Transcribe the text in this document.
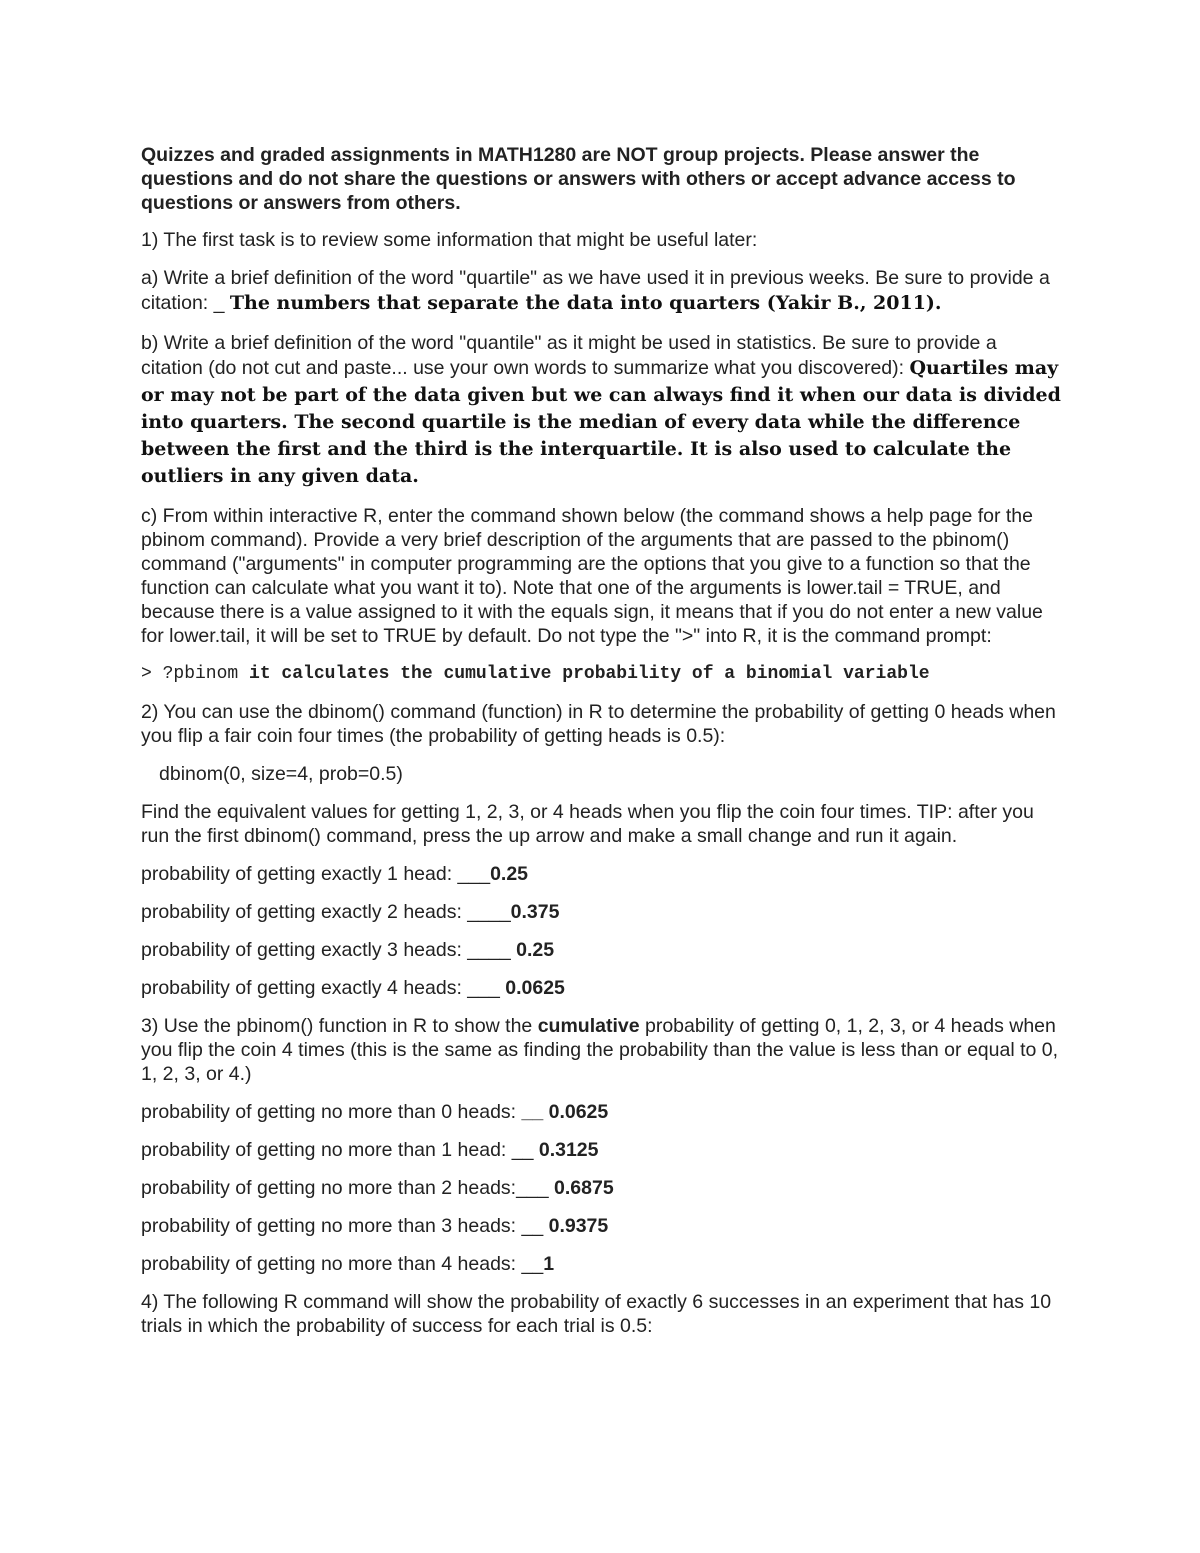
Quizzes and graded assignments in MATH1280 are NOT group projects. Please answer the questions and do not share the questions or answers with others or accept advance access to questions or answers from others.

1) The first task is to review some information that might be useful later:

a) Write a brief definition of the word "quartile" as we have used it in previous weeks. Be sure to provide a citation: _ The numbers that separate the data into quarters (Yakir B., 2011).

b) Write a brief definition of the word "quantile" as it might be used in statistics. Be sure to provide a citation (do not cut and paste... use your own words to summarize what you discovered): Quartiles may or may not be part of the data given but we can always find it when our data is divided into quarters. The second quartile is the median of every data while the difference between the first and the third is the interquartile. It is also used to calculate the outliers in any given data.

c) From within interactive R, enter the command shown below (the command shows a help page for the pbinom command). Provide a very brief description of the arguments that are passed to the pbinom() command ("arguments" in computer programming are the options that you give to a function so that the function can calculate what you want it to). Note that one of the arguments is lower.tail = TRUE, and because there is a value assigned to it with the equals sign, it means that if you do not enter a new value for lower.tail, it will be set to TRUE by default. Do not type the ">" into R, it is the command prompt:

> ?pbinom it calculates the cumulative probability of a binomial variable

2) You can use the dbinom() command (function) in R to determine the probability of getting 0 heads when you flip a fair coin four times (the probability of getting heads is 0.5):

dbinom(0, size=4, prob=0.5)

Find the equivalent values for getting 1, 2, 3, or 4 heads when you flip the coin four times. TIP: after you run the first dbinom() command, press the up arrow and make a small change and run it again.

probability of getting exactly 1 head: ___0.25

probability of getting exactly 2 heads: ____0.375

probability of getting exactly 3 heads: ____ 0.25

probability of getting exactly 4 heads: ___ 0.0625

3) Use the pbinom() function in R to show the cumulative probability of getting 0, 1, 2, 3, or 4 heads when you flip the coin 4 times (this is the same as finding the probability than the value is less than or equal to 0, 1, 2, 3, or 4.)

probability of getting no more than 0 heads: __ 0.0625

probability of getting no more than 1 head: __ 0.3125

probability of getting no more than 2 heads:___ 0.6875

probability of getting no more than 3 heads: __ 0.9375

probability of getting no more than 4 heads: __1

4) The following R command will show the probability of exactly 6 successes in an experiment that has 10 trials in which the probability of success for each trial is 0.5:
